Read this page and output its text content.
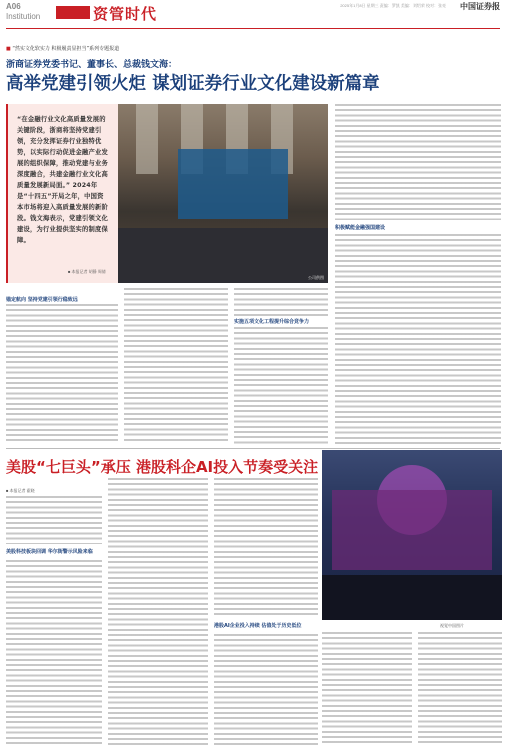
A06
Institution	资管时代	2025年1月8日 星期三 责编：罗凯 美编：刘绍荣 校对：张亮 中国证券报
■ “然实文化软实力 积极履责显担当”系列专题报道
浙商证券党委书记、董事长、总裁钱文海：
高举党建引领火炬 谋划证券行业文化建设新篇章
公司供图

“在金融行业文化高质量发展的关键阶段，浙商将坚持党建引领，充分发挥证券行业独特优势，以实际行动促进金融产业发展的组织保障，推动党建与业务深度融合，共建金融行业文化高质量发展新局面。” 2024年是“十四五”开局之年，中国资本市场将迎入高质量发展的新阶段。钱文海表示，党建引领文化建设，为行业提供坚实的制度保障。

■ 本报记者 胡静 周倩
锚定航向 坚持党建引领行稳致远
实施五项文化工程提升综合竞争力
积极赋能金融强国建设
美股“七巨头”承压 港股科企AI投入节奏受关注
■ 本报记者 霍晓
美股科技板块回调 华尔街警示风险来临
港股AI企业投入持续 估值处于历史低位	视觉中国图片
